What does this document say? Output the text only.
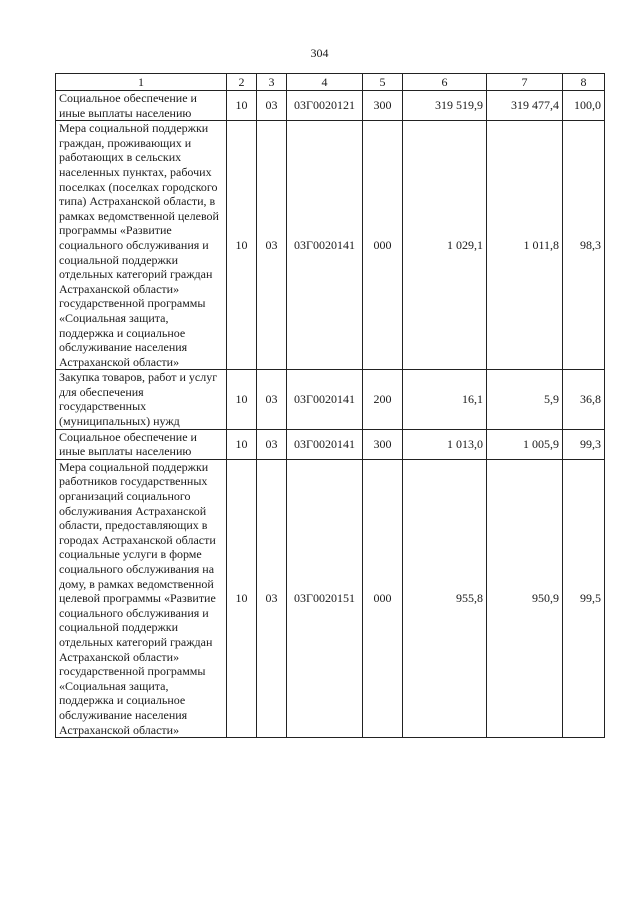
304
1	2	3	4	5	6	7	8
Социальное обеспечение и иные выплаты населению	10	03	03Г0020121	300	319 519,9	319 477,4	100,0
Мера социальной поддержки граждан, проживающих и работающих в сельских населенных пунктах, рабочих поселках (поселках городского типа) Астраханской области, в рамках ведомственной целевой программы «Развитие социального обслуживания и социальной поддержки отдельных категорий граждан Астраханской области» государственной программы «Социальная защита, поддержка и социальное обслуживание населения Астраханской области»	10	03	03Г0020141	000	1 029,1	1 011,8	98,3
Закупка товаров, работ и услуг для обеспечения государственных (муниципальных) нужд	10	03	03Г0020141	200	16,1	5,9	36,8
Социальное обеспечение и иные выплаты населению	10	03	03Г0020141	300	1 013,0	1 005,9	99,3
Мера социальной поддержки работников государственных организаций социального обслуживания Астраханской области, предоставляющих в городах Астраханской области социальные услуги в форме социального обслуживания на дому, в рамках ведомственной целевой программы «Развитие социального обслуживания и социальной поддержки отдельных категорий граждан Астраханской области» государственной программы «Социальная защита, поддержка и социальное обслуживание населения Астраханской области»	10	03	03Г0020151	000	955,8	950,9	99,5
